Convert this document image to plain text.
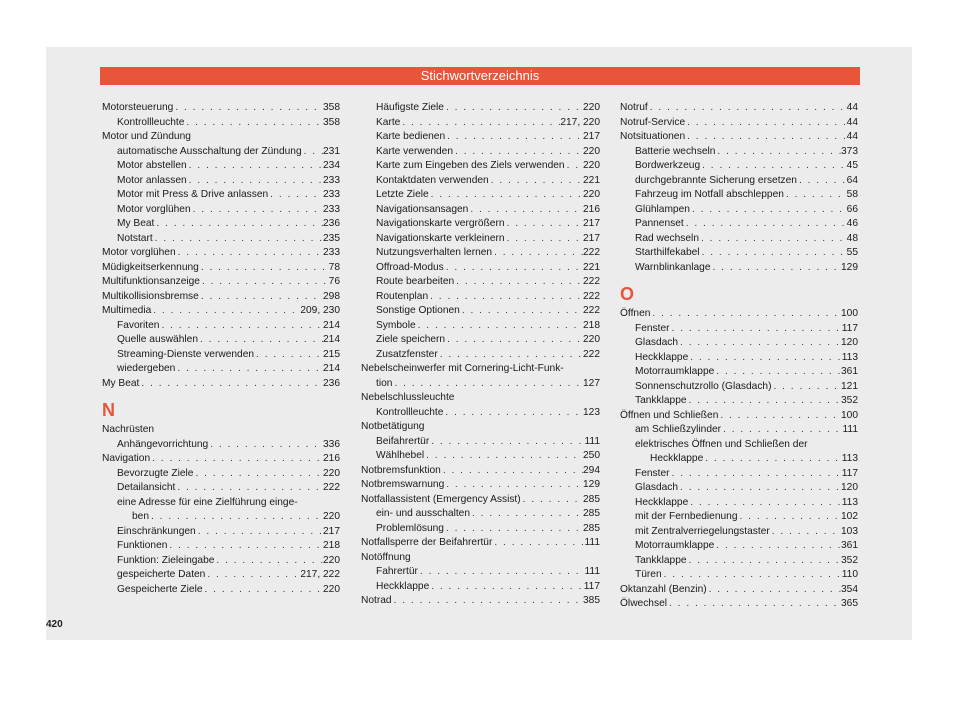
Stichwortverzeichnis
Motorsteuerung . . .	358
Kontrollleuchte . . .	358
Motor und Zündung
automatische Ausschaltung der Zündung . . . 231
Motor abstellen . . .	234
Motor anlassen . . .	233
Motor mit Press & Drive anlassen . . .	233
Motor vorglühen . . .	233
My Beat . . .	236
Notstart . . .	235
Motor vorglühen . . .	233
Müdigkeitserkennung . . .	78
Multifunktionsanzeige . . .	76
Multikollisionsbremse . . .	298
Multimedia . . .	209, 230
Favoriten . . .	214
Quelle auswählen . . .	214
Streaming-Dienste verwenden . . .	215
wiedergeben . . .	214
My Beat . . .	236
N
Nachrüsten
Anhängevorrichtung . . .	336
Navigation . . .	216
Bevorzugte Ziele . . .	220
Detailansicht . . .	222
eine Adresse für eine Zielführung einge-
ben . . .	220
Einschränkungen . . .	217
Funktionen . . .	218
Funktion: Zieleingabe . . .	220
gespeicherte Daten . . .	217, 222
Gespeicherte Ziele . . .	220
Häufigste Ziele . . .	220
Karte . . .	217, 220
Karte bedienen . . .	217
Karte verwenden . . .	220
Karte zum Eingeben des Ziels verwenden . . . 220
Kontaktdaten verwenden . . .	221
Letzte Ziele . . .	220
Navigationsansagen . . .	216
Navigationskarte vergrößern . . .	217
Navigationskarte verkleinern . . .	217
Nutzungsverhalten lernen . . .	222
Offroad-Modus . . .	221
Route bearbeiten . . .	222
Routenplan . . .	222
Sonstige Optionen . . .	222
Symbole . . .	218
Ziele speichern . . .	220
Zusatzfenster . . .	222
Nebelscheinwerfer mit Cornering-Licht-Funk-
tion . . .	127
Nebelschlussleuchte
Kontrollleuchte . . .	123
Notbetätigung
Beifahrertür . . .	111
Wählhebel . . .	250
Notbremsfunktion . . .	294
Notbremswarnung . . .	129
Notfallassistent (Emergency Assist) . . .	285
ein- und ausschalten . . .	285
Problemlösung . . .	285
Notfallsperre der Beifahrertür . . .	111
Notöffnung
Fahrertür . . .	111
Heckklappe . . .	117
Notrad . . .	385
Notruf . . .	44
Notruf-Service . . .	44
Notsituationen . . .	44
Batterie wechseln . . .	373
Bordwerkzeug . . .	45
durchgebrannte Sicherung ersetzen . . .	64
Fahrzeug im Notfall abschleppen . . .	58
Glühlampen . . .	66
Pannenset . . .	46
Rad wechseln . . .	48
Starthilfekabel . . .	55
Warnblinkanlage . . .	129
O
Öffnen . . .	100
Fenster . . .	117
Glasdach . . .	120
Heckklappe . . .	113
Motorraumklappe . . .	361
Sonnenschutzrollo (Glasdach) . . .	121
Tankklappe . . .	352
Öffnen und Schließen . . .	100
am Schließzylinder . . .	111
elektrisches Öffnen und Schließen der
Heckklappe . . .	113
Fenster . . .	117
Glasdach . . .	120
Heckklappe . . .	113
mit der Fernbedienung . . .	102
mit Zentralverriegelungstaster . . .	103
Motorraumklappe . . .	361
Tankklappe . . .	352
Türen . . .	110
Oktanzahl (Benzin) . . .	354
Ölwechsel . . .	365
420
